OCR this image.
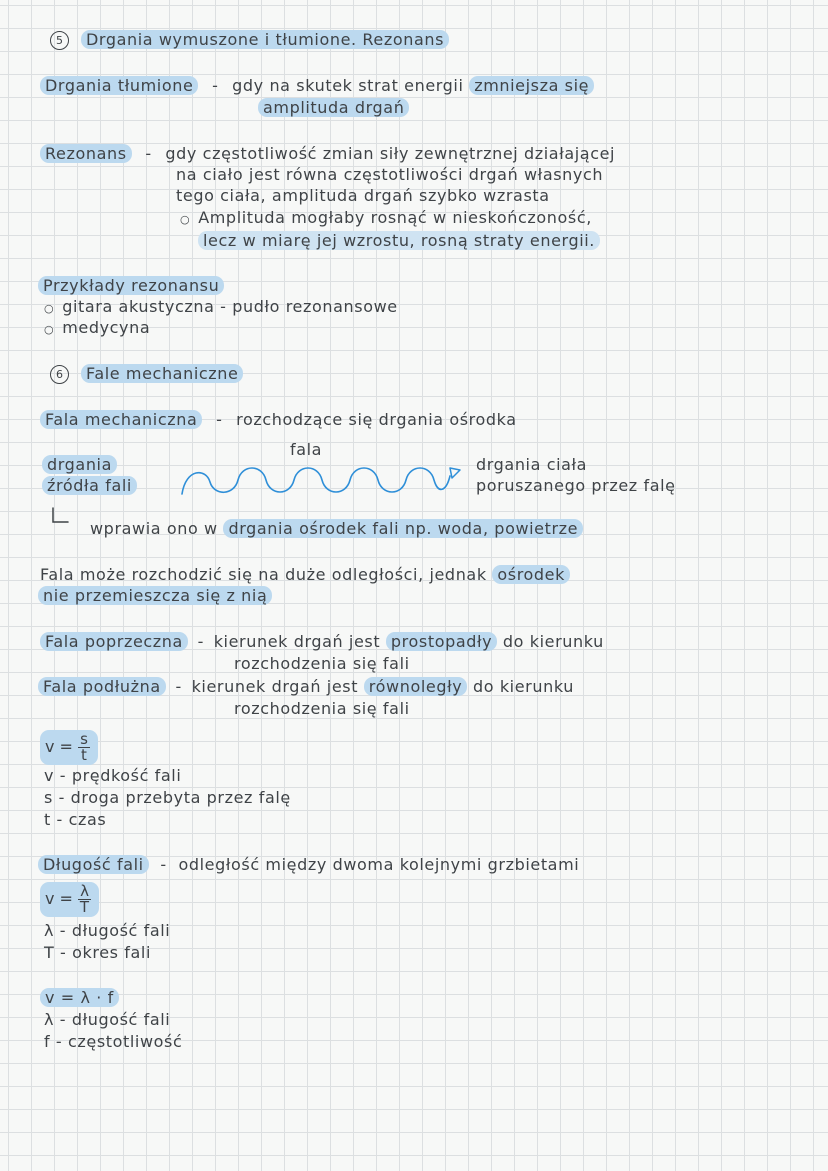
5 Drgania wymuszone i tłumione. Rezonans
Drgania tłumione - gdy na skutek strat energii zmniejsza się
amplituda drgań
Rezonans - gdy częstotliwość zmian siły zewnętrznej działającej
na ciało jest równa częstotliwości drgań własnych
tego ciała, amplituda drgań szybko wzrasta
○ Amplituda mogłaby rosnąć w nieskończoność,
lecz w miarę jej wzrostu, rosną straty energii.
Przykłady rezonansu
○ gitara akustyczna - pudło rezonansowe
○ medycyna
6 Fale mechaniczne
Fala mechaniczna - rozchodzące się drgania ośrodka
fala
drgania
źródła fali
drgania ciała
poruszanego przez falę
wprawia ono w drgania ośrodek fali np. woda, powietrze
Fala może rozchodzić się na duże odległości, jednak ośrodek
nie przemieszcza się z nią
Fala poprzeczna - kierunek drgań jest prostopadły do kierunku
rozchodzenia się fali
Fala podłużna - kierunek drgań jest równoległy do kierunku
rozchodzenia się fali
$v = \frac{s}{t}$
v - prędkość fali
s - droga przebyta przez falę
t - czas
Długość fali - odległość między dwoma kolejnymi grzbietami
$v = \frac{\lambda}{T}$
λ - długość fali
T - okres fali
v = λ · f
λ - długość fali
f - częstotliwość
